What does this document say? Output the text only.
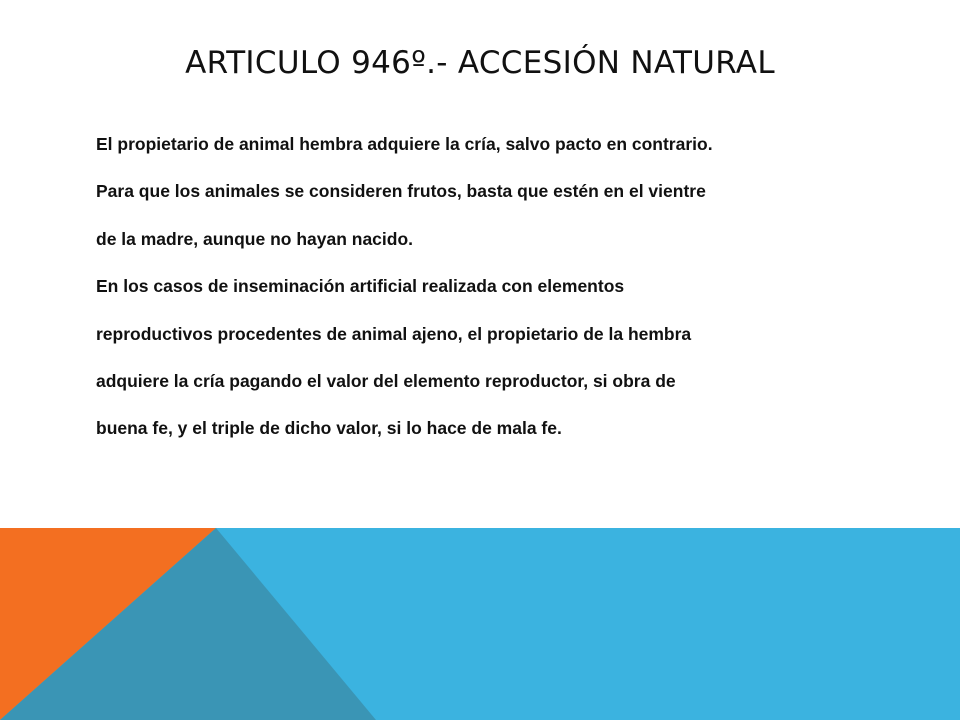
ARTICULO 946º.- ACCESIÓN NATURAL
El propietario de animal hembra adquiere la cría, salvo pacto en contrario.
Para que los animales se consideren frutos, basta que estén en el vientre
de la madre, aunque no hayan nacido.
En los casos de inseminación artificial realizada con elementos
reproductivos procedentes de animal ajeno, el propietario de la hembra
adquiere la cría pagando el valor del elemento reproductor, si obra de
buena fe, y el triple de dicho valor, si lo hace de mala fe.
